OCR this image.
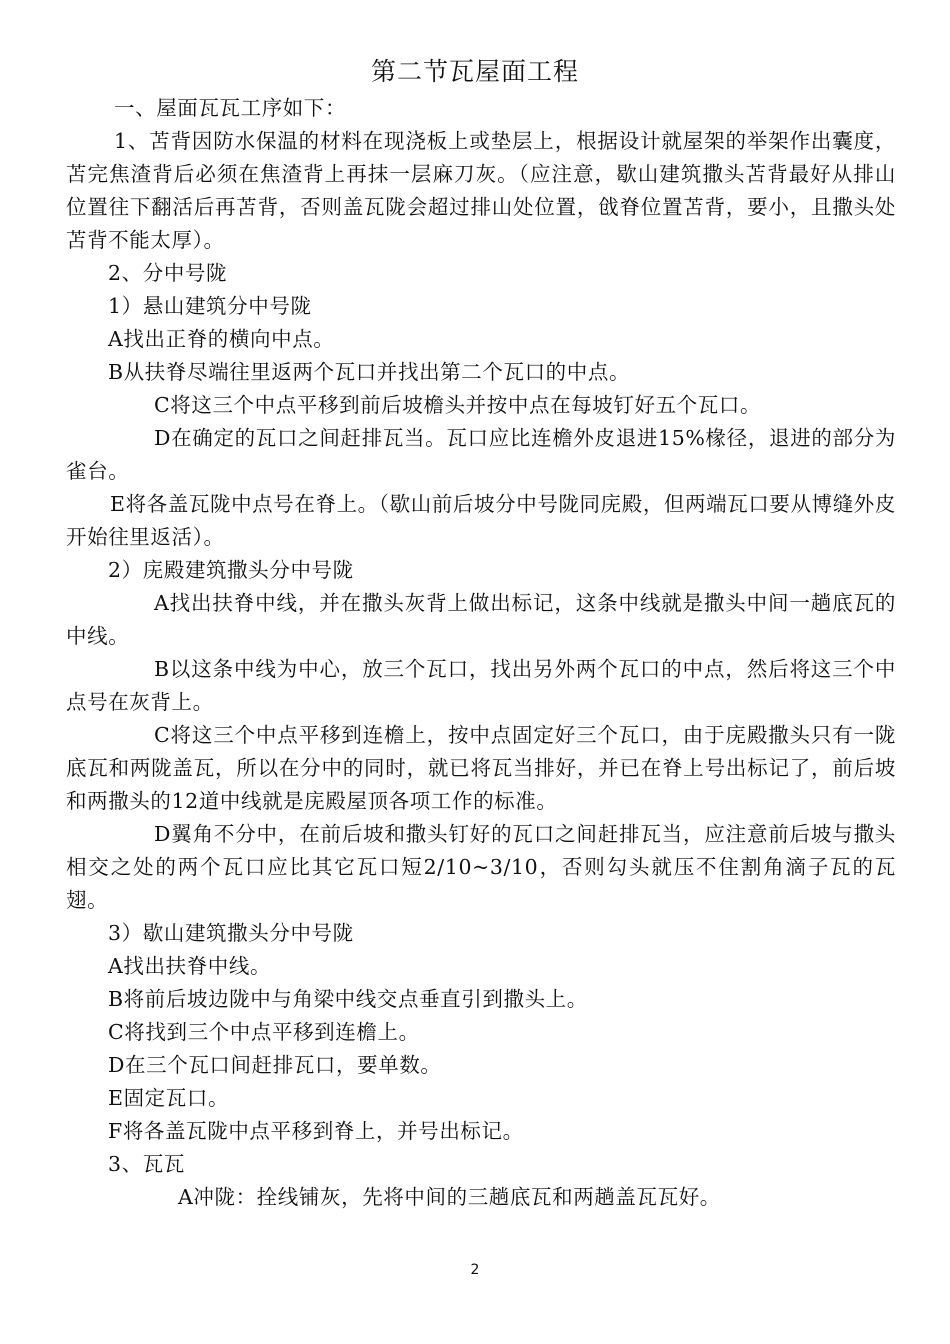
第二节瓦屋面工程

一、屋面瓦瓦工序如下：

1、苫背因防水保温的材料在现浇板上或垫层上，根据设计就屋架的举架作出囊度，苫完焦渣背后必须在焦渣背上再抹一层麻刀灰。（应注意，歇山建筑撒头苫背最好从排山位置往下翻活后再苫背，否则盖瓦陇会超过排山处位置，戗脊位置苫背，要小，且撒头处苫背不能太厚）。

2、分中号陇

1）悬山建筑分中号陇

A找出正脊的横向中点。

B从扶脊尽端往里返两个瓦口并找出第二个瓦口的中点。

C将这三个中点平移到前后坡檐头并按中点在每坡钉好五个瓦口。

D在确定的瓦口之间赶排瓦当。瓦口应比连檐外皮退进15%椽径，退进的部分为雀台。

E将各盖瓦陇中点号在脊上。（歇山前后坡分中号陇同庑殿，但两端瓦口要从博缝外皮开始往里返活）。

2）庑殿建筑撒头分中号陇

A找出扶脊中线，并在撒头灰背上做出标记，这条中线就是撒头中间一趟底瓦的中线。

B以这条中线为中心，放三个瓦口，找出另外两个瓦口的中点，然后将这三个中点号在灰背上。

C将这三个中点平移到连檐上，按中点固定好三个瓦口，由于庑殿撒头只有一陇底瓦和两陇盖瓦，所以在分中的同时，就已将瓦当排好，并已在脊上号出标记了，前后坡和两撒头的12道中线就是庑殿屋顶各项工作的标准。

D翼角不分中，在前后坡和撒头钉好的瓦口之间赶排瓦当，应注意前后坡与撒头相交之处的两个瓦口应比其它瓦口短2/10~3/10，否则勾头就压不住割角滴子瓦的瓦翅。

3）歇山建筑撒头分中号陇

A找出扶脊中线。

B将前后坡边陇中与角梁中线交点垂直引到撒头上。

C将找到三个中点平移到连檐上。

D在三个瓦口间赶排瓦口，要单数。

E固定瓦口。

F将各盖瓦陇中点平移到脊上，并号出标记。

3、瓦瓦

A冲陇：拴线铺灰，先将中间的三趟底瓦和两趟盖瓦瓦好。

2
